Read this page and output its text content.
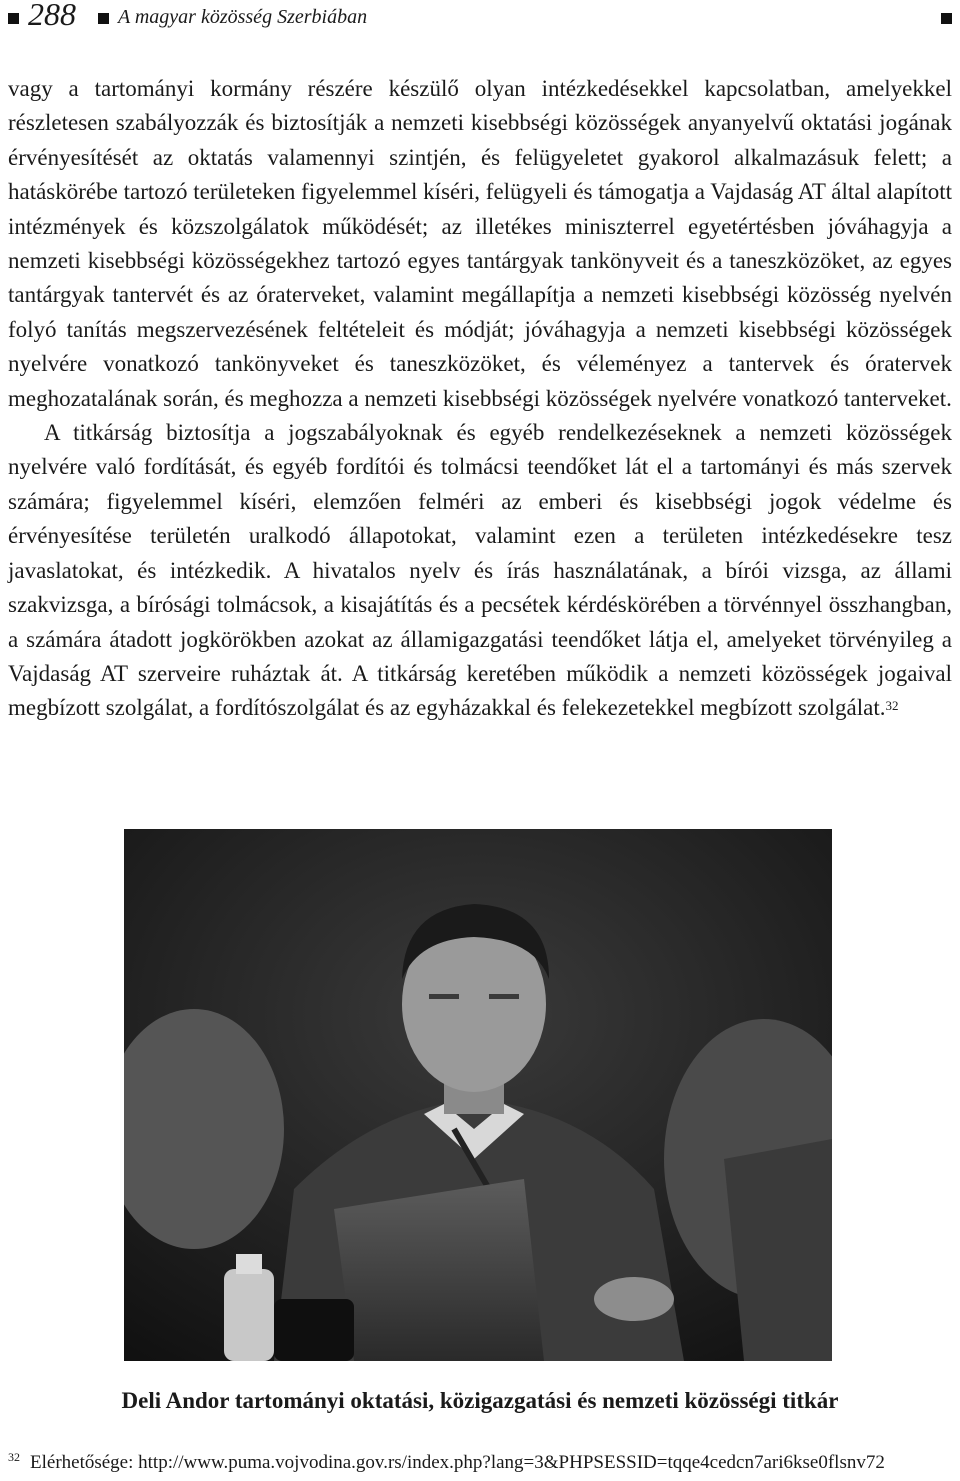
288 A magyar közösség Szerbiában

vagy a tartományi kormány részére készülő olyan intézkedésekkel kapcsolatban, amelyekkel részletesen szabályozzák és biztosítják a nemzeti kisebbségi közösségek anyanyelvű oktatási jogának érvényesítését az oktatás valamennyi szintjén, és felügyeletet gyakorol alkalmazásuk felett; a hatáskörébe tartozó területeken figyelemmel kíséri, felügyeli és támogatja a Vajdaság AT által alapított intézmények és közszolgálatok működését; az illetékes miniszterrel egyetértésben jóváhagyja a nemzeti kisebbségi közösségekhez tartozó egyes tantárgyak tankönyveit és a taneszközöket, az egyes tantárgyak tantervét és az óraterveket, valamint megállapítja a nemzeti kisebbségi közösség nyelvén folyó tanítás megszervezésének feltételeit és módját; jóváhagyja a nemzeti kisebbségi közösségek nyelvére vonatkozó tankönyveket és taneszközöket, és véleményez a tantervek és óratervek meghozatalának során, és meghozza a nemzeti kisebbségi közösségek nyelvére vonatkozó tanterveket.

A titkárság biztosítja a jogszabályoknak és egyéb rendelkezéseknek a nemzeti közösségek nyelvére való fordítását, és egyéb fordítói és tolmácsi teendőket lát el a tartományi és más szervek számára; figyelemmel kíséri, elemzően felméri az emberi és kisebbségi jogok védelme és érvényesítése területén uralkodó állapotokat, valamint ezen a területen intézkedésekre tesz javaslatokat, és intézkedik. A hivatalos nyelv és írás használatának, a bírói vizsga, az állami szakvizsga, a bírósági tolmácsok, a kisajátítás és a pecsétek kérdéskörében a törvénnyel összhangban, a számára átadott jogkörökben azokat az államigazgatási teendőket látja el, amelyeket törvényileg a Vajdaság AT szerveire ruháztak át. A titkárság keretében működik a nemzeti közösségek jogaival megbízott szolgálat, a fordítószolgálat és az egyházakkal és felekezetekkel megbízott szolgálat.$^{32}$

Deli Andor tartományi oktatási, közigazgatási és nemzeti közösségi titkár
$^{32}$ Elérhetősége: http://www.puma.vojvodina.gov.rs/index.php?lang=3&PHPSESSID=tqqe4cedcn7ari6kse0flsnv72
